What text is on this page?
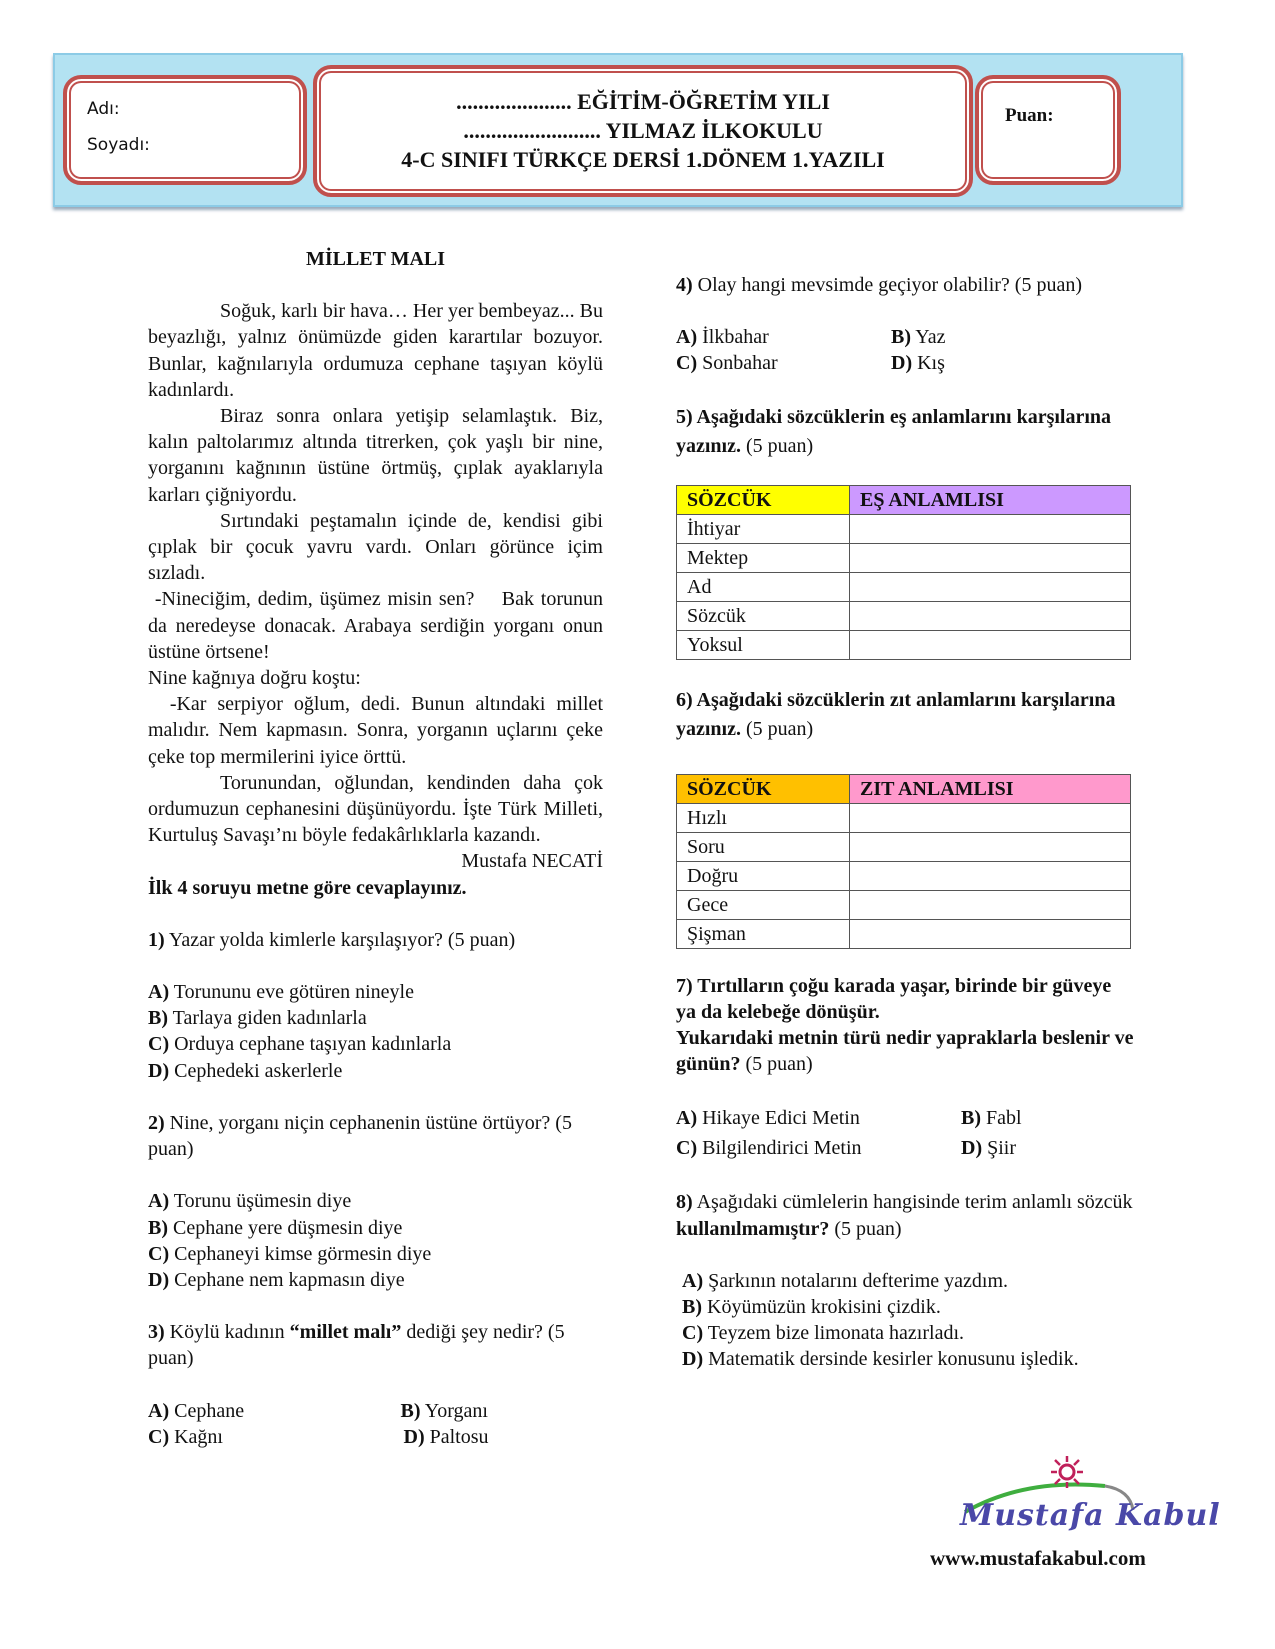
Adı:
Soyadı:
..................... EĞİTİM-ÖĞRETİM YILI
......................... YILMAZ İLKOKULU
4-C SINIFI TÜRKÇE DERSİ 1.DÖNEM 1.YAZILI
Puan:
MİLLET MALI
Soğuk, karlı bir hava… Her yer bembeyaz... Bu beyazlığı, yalnız önümüzde giden karartılar bozuyor. Bunlar, kağnılarıyla ordumuza cephane taşıyan köylü kadınlardı.
Biraz sonra onlara yetişip selamlaştık. Biz, kalın paltolarımız altında titrerken, çok yaşlı bir nine, yorganını kağnının üstüne örtmüş, çıplak ayaklarıyla karları çiğniyordu.
Sırtındaki peştamalın içinde de, kendisi gibi çıplak bir çocuk yavru vardı. Onları görünce içim sızladı.
-Nineciğim, dedim, üşümez misin sen?    Bak torunun da neredeyse donacak. Arabaya serdiğin yorganı onun üstüne örtsene!
Nine kağnıya doğru koştu:
-Kar serpiyor oğlum, dedi. Bunun altındaki millet malıdır. Nem kapmasın. Sonra, yorganın uçlarını çeke çeke top mermilerini iyice örttü.
Torunundan, oğlundan, kendinden daha çok ordumuzun cephanesini düşünüyordu. İşte Türk Milleti, Kurtuluş Savaşı’nı böyle fedakârlıklarla kazandı.
Mustafa NECATİ
İlk 4 soruyu metne göre cevaplayınız.
1) Yazar yolda kimlerle karşılaşıyor? (5 puan)
A) Torununu eve götüren nineyle
B) Tarlaya giden kadınlarla
C) Orduya cephane taşıyan kadınlarla
D) Cephedeki askerlerle
2) Nine, yorganı niçin cephanenin üstüne örtüyor? (5 puan)
A) Torunu üşümesin diye
B) Cephane yere düşmesin diye
C) Cephaneyi kimse görmesin diye
D) Cephane nem kapmasın diye
3) Köylü kadının “millet malı” dediği şey nedir? (5 puan)
A) Cephane	B) Yorganı
C) Kağnı	D) Paltosu
4) Olay hangi mevsimde geçiyor olabilir? (5 puan)
A) İlkbahar	B) Yaz
C) Sonbahar	D) Kış
5) Aşağıdaki sözcüklerin eş anlamlarını karşılarına yazınız. (5 puan)
SÖZCÜK	EŞ ANLAMLISI
İhtiyar	
Mektep	
Ad	
Sözcük	
Yoksul	
6) Aşağıdaki sözcüklerin zıt anlamlarını karşılarına yazınız. (5 puan)
SÖZCÜK	ZIT ANLAMLISI
Hızlı	
Soru	
Doğru	
Gece	
Şişman	
7) Tırtılların çoğu karada yaşar, birinde bir güveye ya da kelebeğe dönüşür.
Yukarıdaki metnin türü nedir yapraklarla beslenir ve günün? (5 puan)
A) Hikaye Edici Metin	B) Fabl
C) Bilgilendirici Metin	D) Şiir
8) Aşağıdaki cümlelerin hangisinde terim anlamlı sözcük kullanılmamıştır? (5 puan)
A) Şarkının notalarını defterime yazdım.
B) Köyümüzün krokisini çizdik.
C) Teyzem bize limonata hazırladı.
D) Matematik dersinde kesirler konusunu işledik.
Mustafa Kabul
www.mustafakabul.com
